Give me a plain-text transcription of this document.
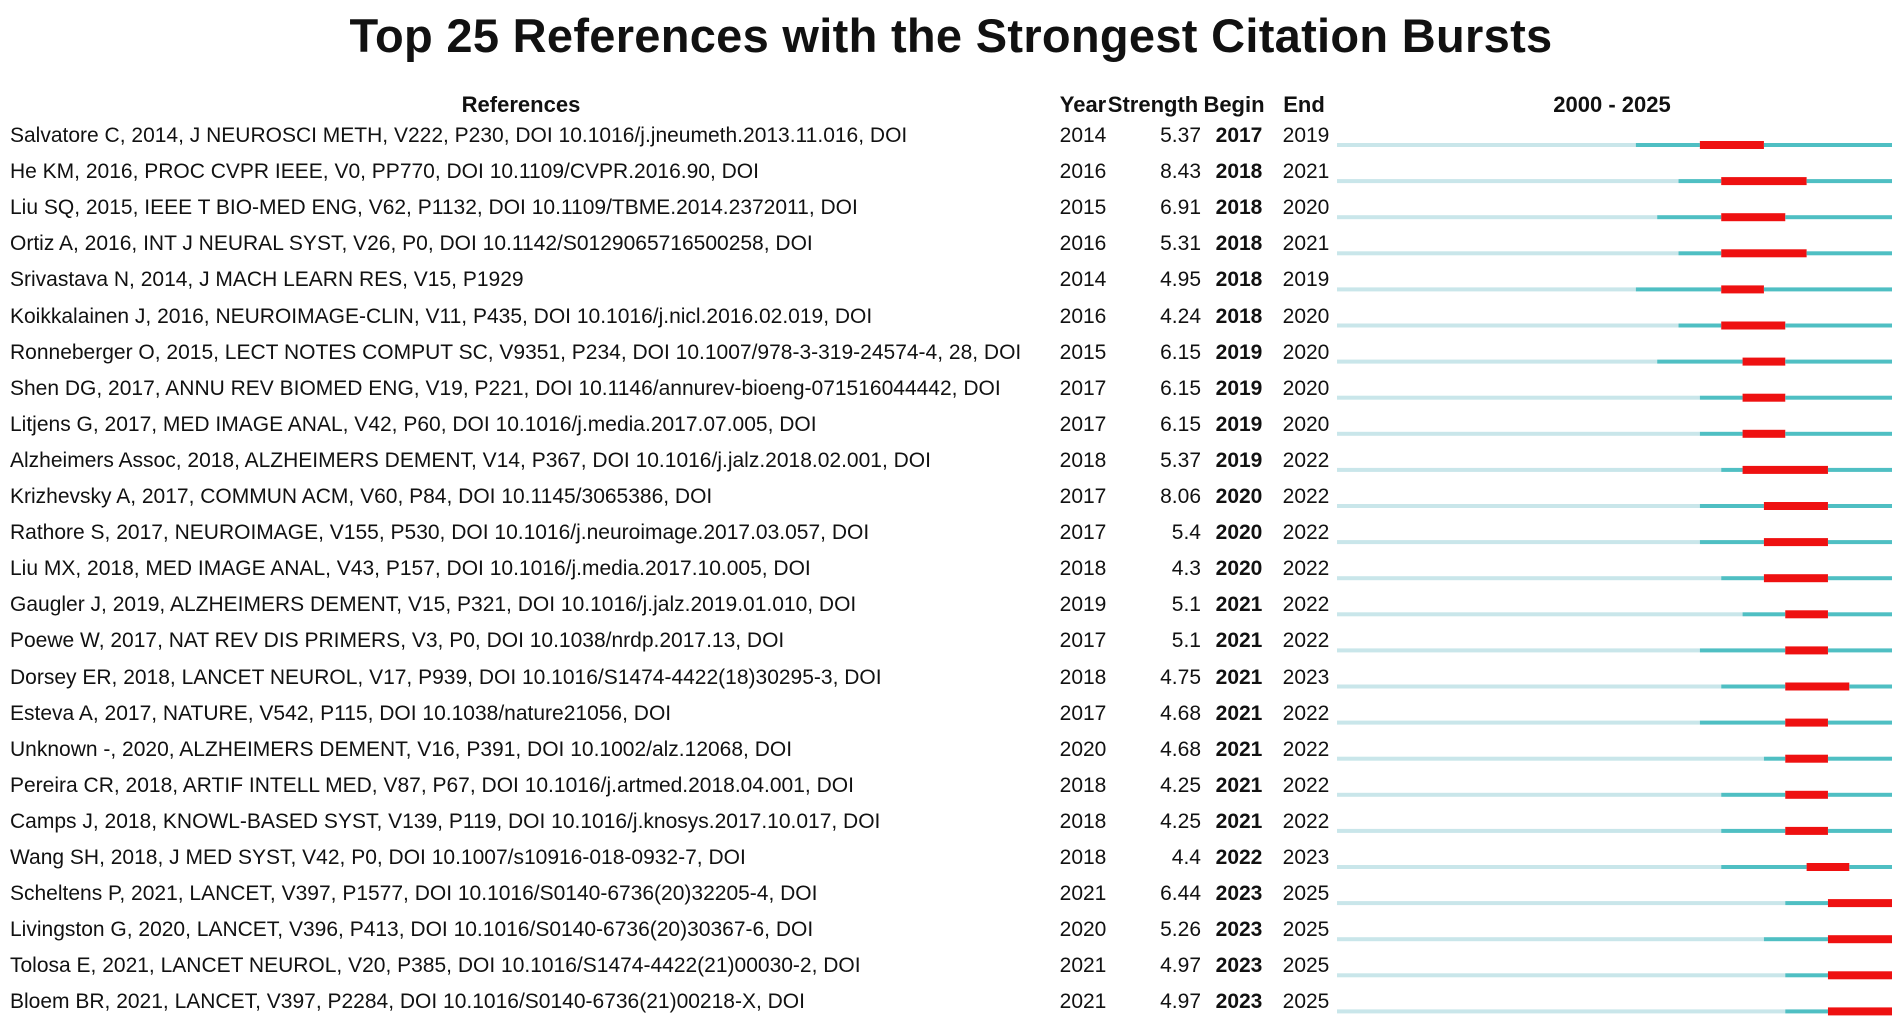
Top 25 References with the Strongest Citation Bursts
References	Year Strength Begin End	2000 - 2025
Salvatore C, 2014, J NEUROSCI METH, V222, P230, DOI 10.1016/j.jneumeth.2013.11.016, DOI	2014	5.37 2017 2019
He KM, 2016, PROC CVPR IEEE, V0, PP770, DOI 10.1109/CVPR.2016.90, DOI	2016	8.43 2018 2021
Liu SQ, 2015, IEEE T BIO-MED ENG, V62, P1132, DOI 10.1109/TBME.2014.2372011, DOI	2015	6.91 2018 2020
Ortiz A, 2016, INT J NEURAL SYST, V26, P0, DOI 10.1142/S0129065716500258, DOI	2016	5.31 2018 2021
Srivastava N, 2014, J MACH LEARN RES, V15, P1929	2014	4.95 2018 2019
Koikkalainen J, 2016, NEUROIMAGE-CLIN, V11, P435, DOI 10.1016/j.nicl.2016.02.019, DOI	2016	4.24 2018 2020
Ronneberger O, 2015, LECT NOTES COMPUT SC, V9351, P234, DOI 10.1007/978-3-319-24574-4, 28, DOI	2015	6.15 2019 2020
Shen DG, 2017, ANNU REV BIOMED ENG, V19, P221, DOI 10.1146/annurev-bioeng-071516044442, DOI	2017	6.15 2019 2020
Litjens G, 2017, MED IMAGE ANAL, V42, P60, DOI 10.1016/j.media.2017.07.005, DOI	2017	6.15 2019 2020
Alzheimers Assoc, 2018, ALZHEIMERS DEMENT, V14, P367, DOI 10.1016/j.jalz.2018.02.001, DOI	2018	5.37 2019 2022
Krizhevsky A, 2017, COMMUN ACM, V60, P84, DOI 10.1145/3065386, DOI	2017	8.06 2020 2022
Rathore S, 2017, NEUROIMAGE, V155, P530, DOI 10.1016/j.neuroimage.2017.03.057, DOI	2017	5.4 2020 2022
Liu MX, 2018, MED IMAGE ANAL, V43, P157, DOI 10.1016/j.media.2017.10.005, DOI	2018	4.3 2020 2022
Gaugler J, 2019, ALZHEIMERS DEMENT, V15, P321, DOI 10.1016/j.jalz.2019.01.010, DOI	2019	5.1 2021 2022
Poewe W, 2017, NAT REV DIS PRIMERS, V3, P0, DOI 10.1038/nrdp.2017.13, DOI	2017	5.1 2021 2022
Dorsey ER, 2018, LANCET NEUROL, V17, P939, DOI 10.1016/S1474-4422(18)30295-3, DOI	2018	4.75 2021 2023
Esteva A, 2017, NATURE, V542, P115, DOI 10.1038/nature21056, DOI	2017	4.68 2021 2022
Unknown -, 2020, ALZHEIMERS DEMENT, V16, P391, DOI 10.1002/alz.12068, DOI	2020	4.68 2021 2022
Pereira CR, 2018, ARTIF INTELL MED, V87, P67, DOI 10.1016/j.artmed.2018.04.001, DOI	2018	4.25 2021 2022
Camps J, 2018, KNOWL-BASED SYST, V139, P119, DOI 10.1016/j.knosys.2017.10.017, DOI	2018	4.25 2021 2022
Wang SH, 2018, J MED SYST, V42, P0, DOI 10.1007/s10916-018-0932-7, DOI	2018	4.4 2022 2023
Scheltens P, 2021, LANCET, V397, P1577, DOI 10.1016/S0140-6736(20)32205-4, DOI	2021	6.44 2023 2025
Livingston G, 2020, LANCET, V396, P413, DOI 10.1016/S0140-6736(20)30367-6, DOI	2020	5.26 2023 2025
Tolosa E, 2021, LANCET NEUROL, V20, P385, DOI 10.1016/S1474-4422(21)00030-2, DOI	2021	4.97 2023 2025
Bloem BR, 2021, LANCET, V397, P2284, DOI 10.1016/S0140-6736(21)00218-X, DOI	2021	4.97 2023 2025
